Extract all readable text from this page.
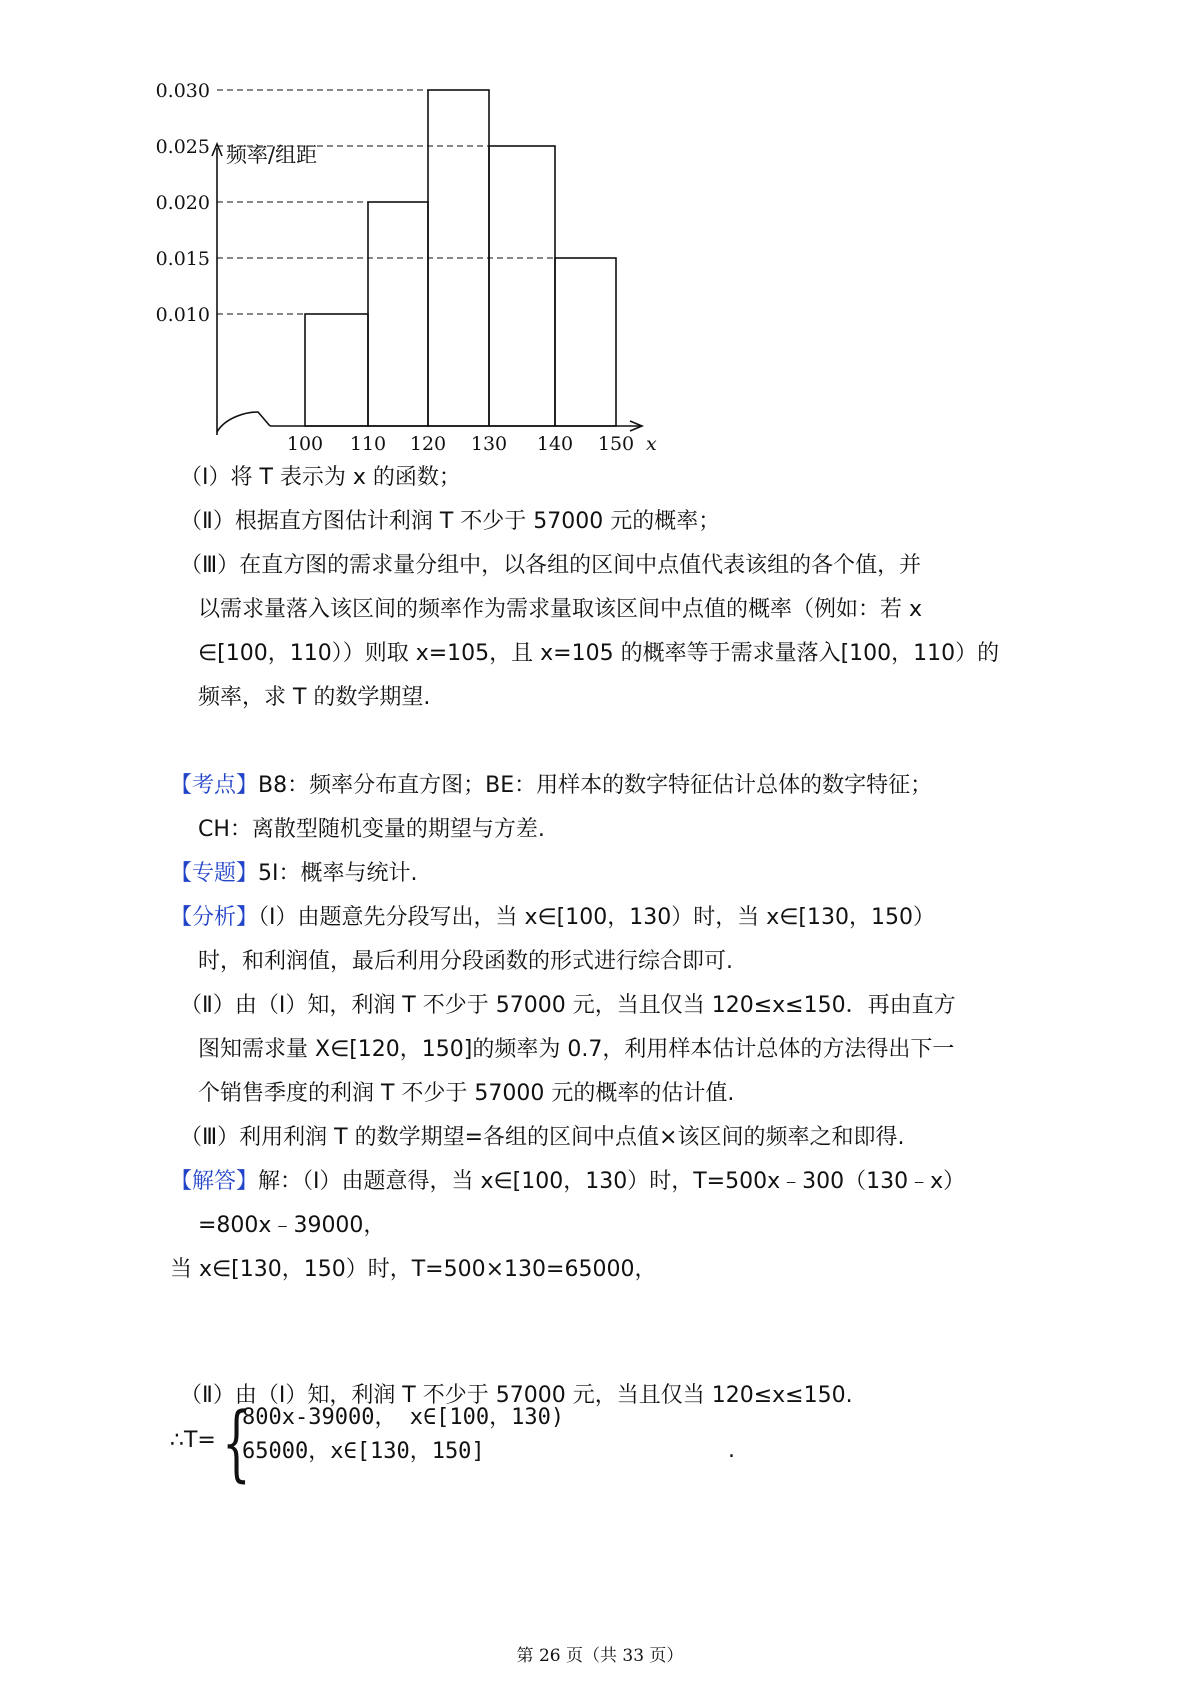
频率/组距
0.030
0.025
0.020
0.015
0.010
100 110 120 130 140 150 x
（Ⅰ）将 T 表示为 x 的函数；
（Ⅱ）根据直方图估计利润 T 不少于 57000 元的概率；
（Ⅲ）在直方图的需求量分组中，以各组的区间中点值代表该组的各个值，并
以需求量落入该区间的频率作为需求量取该区间中点值的概率（例如：若 x
∈[100，110））则取 x=105，且 x=105 的概率等于需求量落入[100，110）的
频率，求 T 的数学期望.
【考点】B8：频率分布直方图；BE：用样本的数字特征估计总体的数字特征；
CH：离散型随机变量的期望与方差.
【专题】5I：概率与统计.
【分析】（Ⅰ）由题意先分段写出，当 x∈[100，130）时，当 x∈[130，150）
时，和利润值，最后利用分段函数的形式进行综合即可.
（Ⅱ）由（Ⅰ）知，利润 T 不少于 57000 元，当且仅当 120≤x≤150．再由直方
图知需求量 X∈[120，150]的频率为 0.7，利用样本估计总体的方法得出下一
个销售季度的利润 T 不少于 57000 元的概率的估计值.
（Ⅲ）利用利润 T 的数学期望=各组的区间中点值×该区间的频率之和即得.
【解答】解：（Ⅰ）由题意得，当 x∈[100，130）时，T=500x﹣300（130﹣x）
=800x﹣39000，
当 x∈[130，150）时，T=500×130=65000，
∴T= {
800x-39000， x∈[100，130)
65000，x∈[130，150]	.
（Ⅱ）由（Ⅰ）知，利润 T 不少于 57000 元，当且仅当 120≤x≤150.
第 26 页（共 33 页）
